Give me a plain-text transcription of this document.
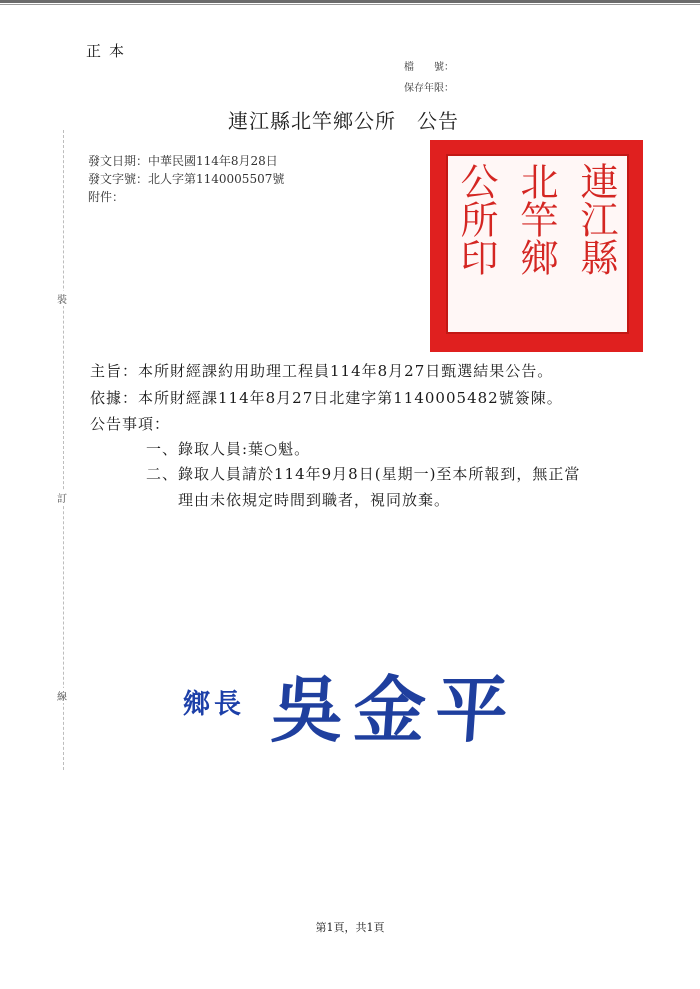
正本
檔　　號：
保存年限：
連江縣北竿鄉公所　公告
發文日期：中華民國114年8月28日
發文字號：北人字第1140005507號
附件：
裝
訂
線
連江縣
北竿鄉
公所印
主旨：本所財經課約用助理工程員114年8月27日甄選結果公告。
依據：本所財經課114年8月27日北建字第1140005482號簽陳。
公告事項：
一、錄取人員:葉○魁。
二、錄取人員請於114年9月8日(星期一)至本所報到，無正當
理由未依規定時間到職者，視同放棄。
鄉長 吳金平
第1頁，共1頁
